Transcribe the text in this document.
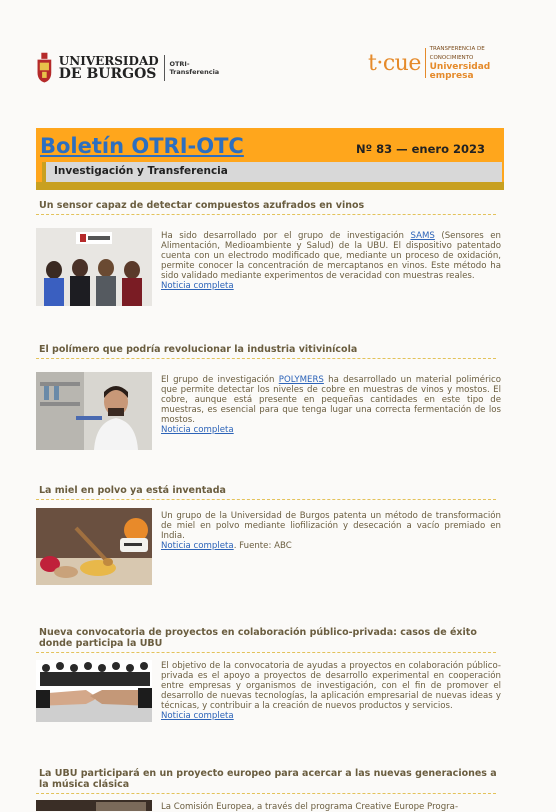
UNIVERSIDAD
DE BURGOS
OTRI-Transferencia	t·cue
TRANSFERENCIA DE CONOCIMIENTO
Universidad
empresa
Boletín OTRI-OTC	Nº 83 — enero 2023
Investigación y Transferencia
Un sensor capaz de detectar compuestos azufrados en vinos
Ha sido desarrollado por el grupo de investigación SAMS (Sensores en Alimentación, Medioambiente y Salud) de la UBU. El dispositivo patentado cuenta con un electrodo modificado que, mediante un proceso de oxidación, permite conocer la concentración de mercaptanos en vinos. Este método ha sido validado mediante experimentos de veracidad con muestras reales.
Noticia completa
El polímero que podría revolucionar la industria vitivinícola
El grupo de investigación POLYMERS ha desarrollado un material polimérico que permite detectar los niveles de cobre en muestras de vinos y mostos. El cobre, aunque está presente en pequeñas cantidades en este tipo de muestras, es esencial para que tenga lugar una correcta fermentación de los mostos.
Noticia completa
La miel en polvo ya está inventada
Un grupo de la Universidad de Burgos patenta un método de transformación de miel en polvo mediante liofilización y desecación a vacío premiado en India.
Noticia completa. Fuente: ABC
Nueva convocatoria de proyectos en colaboración público-privada: casos de éxito donde participa la UBU
El objetivo de la convocatoria de ayudas a proyectos en colaboración público-privada es el apoyo a proyectos de desarrollo experimental en cooperación entre empresas y organismos de investigación, con el fin de promover el desarrollo de nuevas tecnologías, la aplicación empresarial de nuevas ideas y técnicas, y contribuir a la creación de nuevos productos y servicios.
Noticia completa
La UBU participará en un proyecto europeo para acercar a las nuevas generaciones a la música clásica
La Comisión Europea, a través del programa Creative Europe Progra-
